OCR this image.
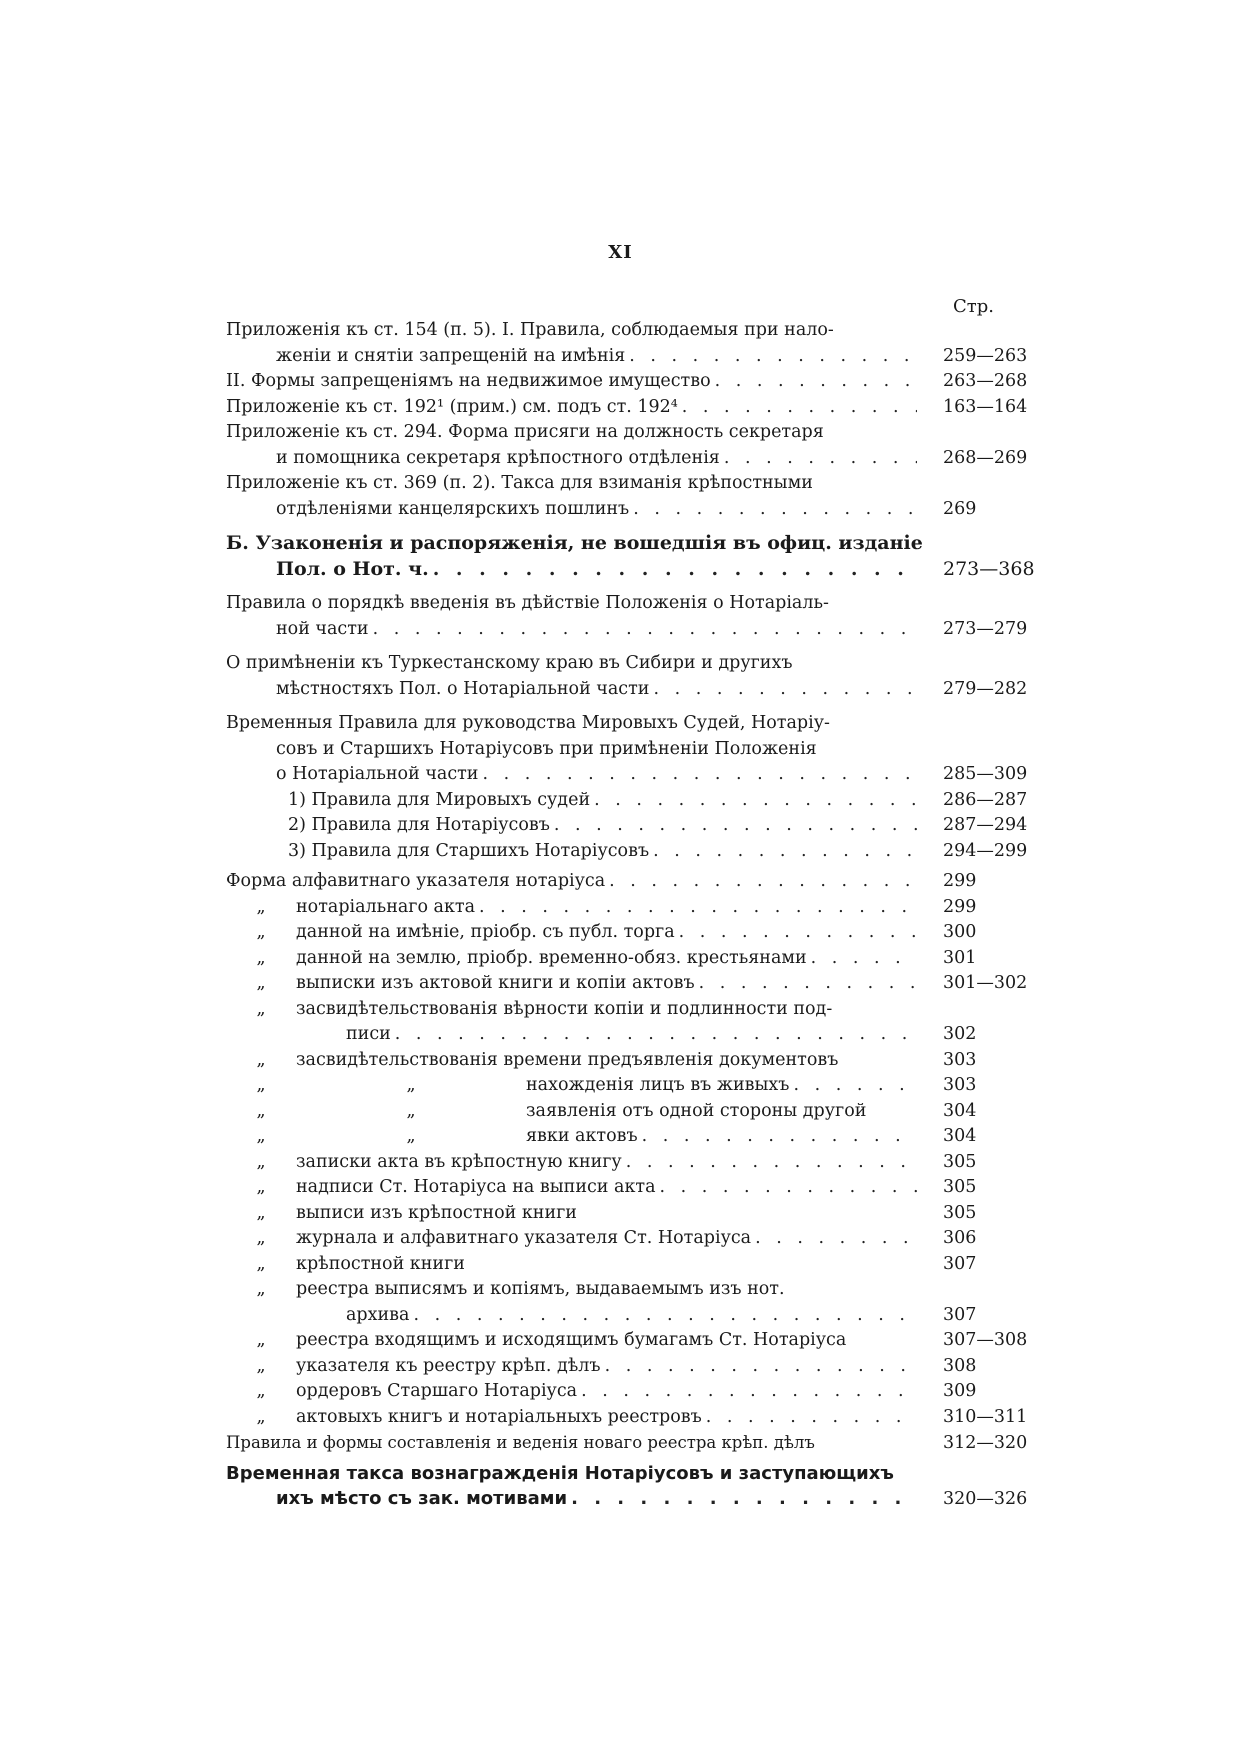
XI
Стр.
Приложенія къ ст. 154 (п. 5). I. Правила, соблюдаемыя при нало-
женіи и снятіи запрещеній на имѣнія . . .	259—263
II. Формы запрещеніямъ на недвижимое имущество . . .	263—268
Приложеніе къ ст. 192¹ (прим.) см. подъ ст. 192⁴ . . .	163—164
Приложеніе къ ст. 294. Форма присяги на должность секретаря
и помощника секретаря крѣпостного отдѣленія . . .	268—269
Приложеніе къ ст. 369 (п. 2). Такса для взиманія крѣпостными
отдѣленіями канцелярскихъ пошлинъ . . .	269
Б. Узаконенія и распоряженія, не вошедшія въ офиц. изданіе
Пол. о Нот. ч. . . .	273—368
Правила о порядкѣ введенія въ дѣйствіе Положенія о Нотаріаль-
ной части . . .	273—279
О примѣненіи къ Туркестанскому краю въ Сибири и другихъ
мѣстностяхъ Пол. о Нотаріальной части . . .	279—282
Временныя Правила для руководства Мировыхъ Судей, Нотаріу-
совъ и Старшихъ Нотаріусовъ при примѣненіи Положенія
о Нотаріальной части . . .	285—309
1) Правила для Мировыхъ судей . . .	286—287
2) Правила для Нотаріусовъ . . .	287—294
3) Правила для Старшихъ Нотаріусовъ . . .	294—299
Форма алфавитнаго указателя нотаріуса . . .	299
„	нотаріальнаго акта . . .	299
„	данной на имѣніе, пріобр. съ публ. торга . . .	300
„	данной на землю, пріобр. временно-обяз. крестьянами . . .	301
„	выписки изъ актовой книги и копіи актовъ . . .	301—302
„	засвидѣтельствованія вѣрности копіи и подлинности под-
писи . . .	302
„	засвидѣтельствованія времени предъявленія документовъ	303
„	„	нахожденія лицъ въ живыхъ . . .	303
„	„	заявленія отъ одной стороны другой	304
„	„	явки актовъ . . .	304
„	записки акта въ крѣпостную книгу . . .	305
„	надписи Ст. Нотаріуса на выписи акта . . .	305
„	выписи изъ крѣпостной книги	305
„	журнала и алфавитнаго указателя Ст. Нотаріуса . . .	306
„	крѣпостной книги	307
„	реестра выписямъ и копіямъ, выдаваемымъ изъ нот.
архива . . .	307
„	реестра входящимъ и исходящимъ бумагамъ Ст. Нотаріуса	307—308
„	указателя къ реестру крѣп. дѣлъ . . .	308
„	ордеровъ Старшаго Нотаріуса . . .	309
„	актовыхъ книгъ и нотаріальныхъ реестровъ . . .	310—311
Правила и формы составленія и веденія новаго реестра крѣп. дѣлъ	312—320
Временная такса вознагражденія Нотаріусовъ и заступающихъ
ихъ мѣсто съ зак. мотивами . . .	320—326
